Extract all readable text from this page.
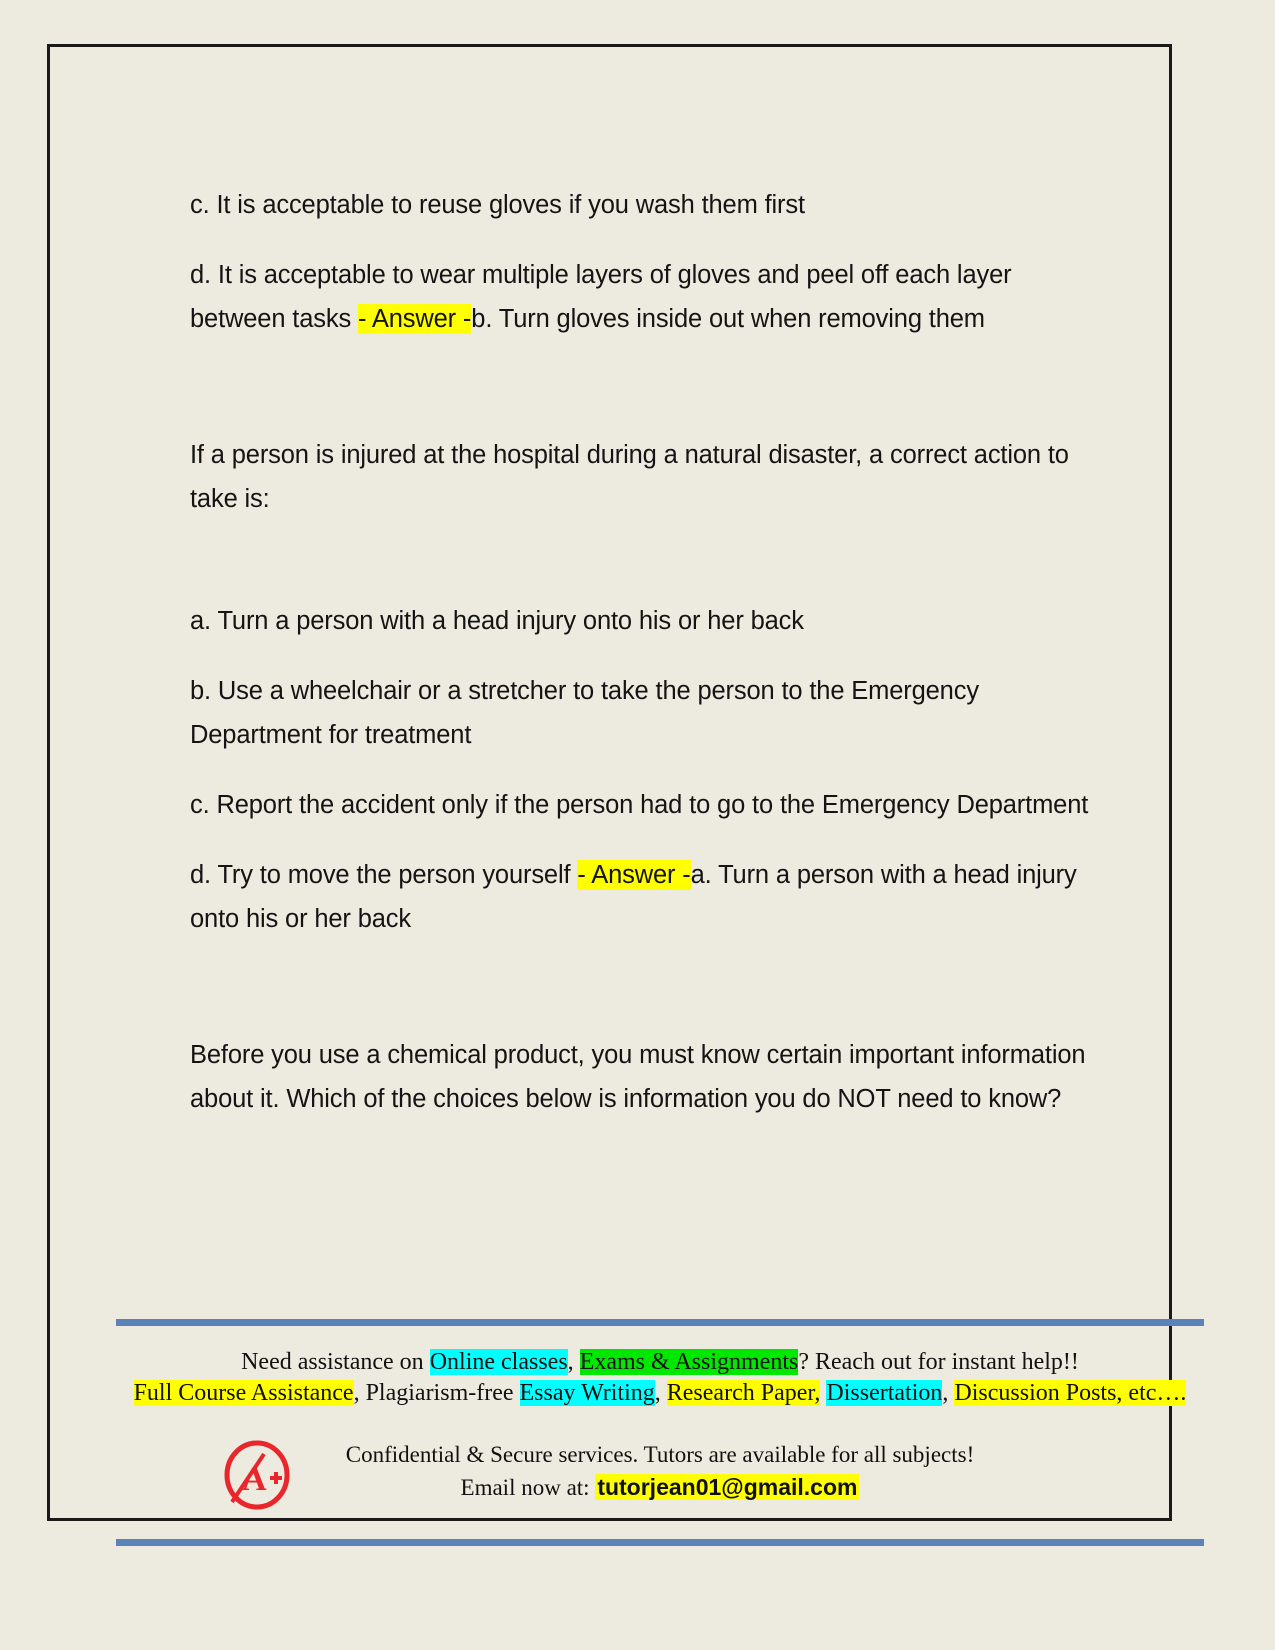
c. It is acceptable to reuse gloves if you wash them first

d. It is acceptable to wear multiple layers of gloves and peel off each layer between tasks - Answer -b. Turn gloves inside out when removing them

If a person is injured at the hospital during a natural disaster, a correct action to take is:

a. Turn a person with a head injury onto his or her back

b. Use a wheelchair or a stretcher to take the person to the Emergency Department for treatment

c. Report the accident only if the person had to go to the Emergency Department

d. Try to move the person yourself - Answer -a. Turn a person with a head injury onto his or her back

Before you use a chemical product, you must know certain important information about it. Which of the choices below is information you do NOT need to know?

A
Need assistance on Online classes, Exams & Assignments? Reach out for instant help!!
Full Course Assistance, Plagiarism-free Essay Writing, Research Paper, Dissertation, Discussion Posts, etc….
Confidential & Secure services. Tutors are available for all subjects!
Email now at: tutorjean01@gmail.com
